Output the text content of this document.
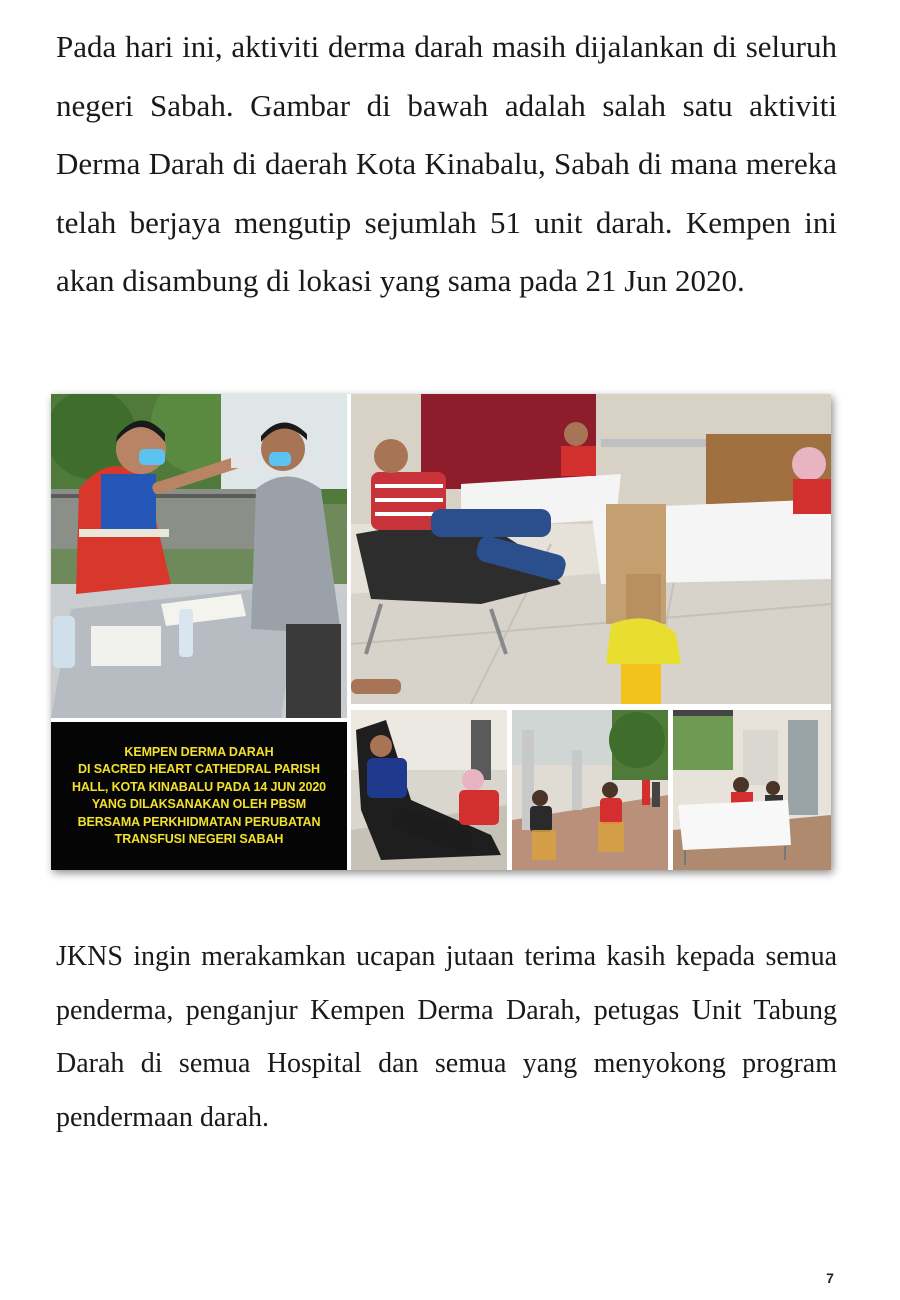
Pada hari ini, aktiviti derma darah masih dijalankan di seluruh negeri Sabah. Gambar di bawah adalah salah satu aktiviti Derma Darah di daerah Kota Kinabalu, Sabah di mana mereka telah berjaya mengutip sejumlah 51 unit darah. Kempen ini akan disambung di lokasi yang sama pada 21 Jun 2020.

KEMPEN DERMA DARAH
DI SACRED HEART CATHEDRAL PARISH
HALL, KOTA KINABALU PADA 14 JUN 2020
YANG DILAKSANAKAN OLEH PBSM
BERSAMA PERKHIDMATAN PERUBATAN
TRANSFUSI NEGERI SABAH

JKNS ingin merakamkan ucapan jutaan terima kasih kepada semua penderma, penganjur Kempen Derma Darah, petugas Unit Tabung Darah di semua Hospital dan semua yang menyokong program pendermaan darah.

7
